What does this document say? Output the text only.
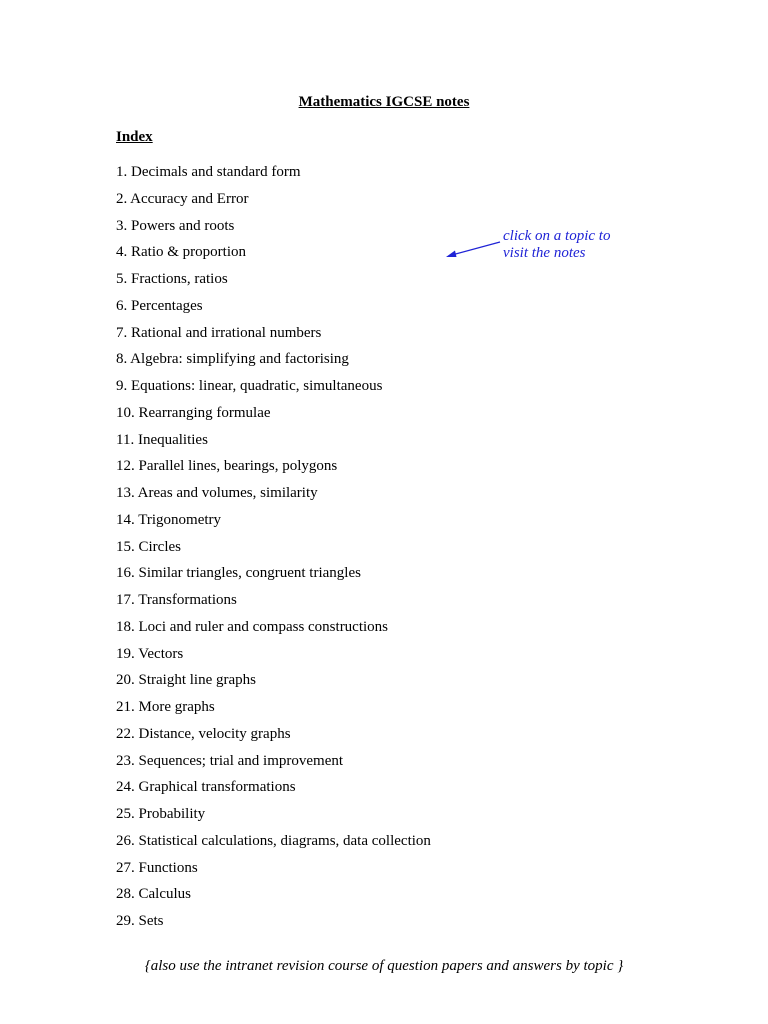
Mathematics IGCSE notes
Index
1. Decimals and standard form
2. Accuracy and Error
3. Powers and roots
4. Ratio & proportion
5. Fractions, ratios
6. Percentages
7. Rational and irrational numbers
8. Algebra: simplifying and factorising
9. Equations: linear, quadratic, simultaneous
10. Rearranging formulae
11. Inequalities
12. Parallel lines, bearings, polygons
13. Areas and volumes, similarity
14. Trigonometry
15. Circles
16. Similar triangles, congruent triangles
17. Transformations
18. Loci and ruler and compass constructions
19. Vectors
20. Straight line graphs
21. More graphs
22. Distance, velocity graphs
23. Sequences; trial and improvement
24. Graphical transformations
25. Probability
26. Statistical calculations, diagrams, data collection
27. Functions
28. Calculus
29. Sets
click on a topic to
visit the notes
{also use the intranet revision course of question papers and answers by topic }
